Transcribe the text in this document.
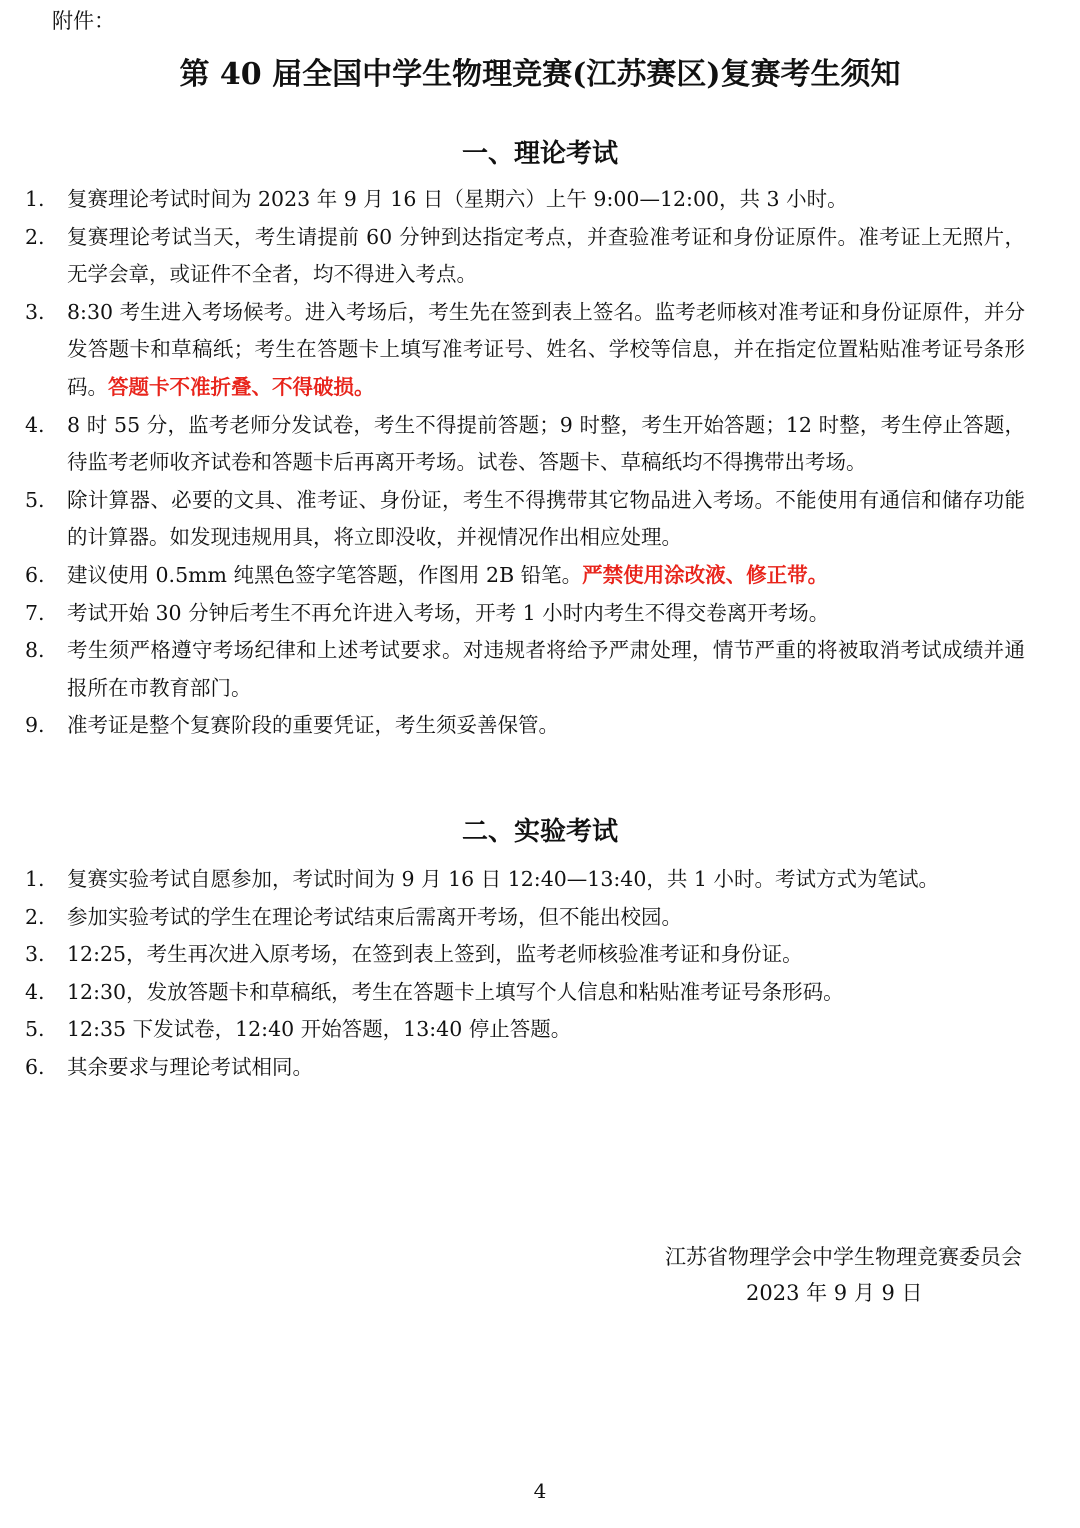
附件：
第 40 届全国中学生物理竞赛(江苏赛区)复赛考生须知
一、理论考试
1. 复赛理论考试时间为 2023 年 9 月 16 日（星期六）上午 9:00—12:00，共 3 小时。
2. 复赛理论考试当天，考生请提前 60 分钟到达指定考点，并查验准考证和身份证原件。准考证上无照片，无学会章，或证件不全者，均不得进入考点。
3. 8:30 考生进入考场候考。进入考场后，考生先在签到表上签名。监考老师核对准考证和身份证原件，并分发答题卡和草稿纸；考生在答题卡上填写准考证号、姓名、学校等信息，并在指定位置粘贴准考证号条形码。答题卡不准折叠、不得破损。
4. 8 时 55 分，监考老师分发试卷，考生不得提前答题；9 时整，考生开始答题；12 时整，考生停止答题，待监考老师收齐试卷和答题卡后再离开考场。试卷、答题卡、草稿纸均不得携带出考场。
5. 除计算器、必要的文具、准考证、身份证，考生不得携带其它物品进入考场。不能使用有通信和储存功能的计算器。如发现违规用具，将立即没收，并视情况作出相应处理。
6. 建议使用 0.5mm 纯黑色签字笔答题，作图用 2B 铅笔。严禁使用涂改液、修正带。
7. 考试开始 30 分钟后考生不再允许进入考场，开考 1 小时内考生不得交卷离开考场。
8. 考生须严格遵守考场纪律和上述考试要求。对违规者将给予严肃处理，情节严重的将被取消考试成绩并通报所在市教育部门。
9. 准考证是整个复赛阶段的重要凭证，考生须妥善保管。
二、实验考试
1. 复赛实验考试自愿参加，考试时间为 9 月 16 日 12:40—13:40，共 1 小时。考试方式为笔试。
2. 参加实验考试的学生在理论考试结束后需离开考场，但不能出校园。
3. 12:25，考生再次进入原考场，在签到表上签到，监考老师核验准考证和身份证。
4. 12:30，发放答题卡和草稿纸，考生在答题卡上填写个人信息和粘贴准考证号条形码。
5. 12:35 下发试卷，12:40 开始答题，13:40 停止答题。
6. 其余要求与理论考试相同。
江苏省物理学会中学生物理竞赛委员会
2023 年 9 月 9 日
4
